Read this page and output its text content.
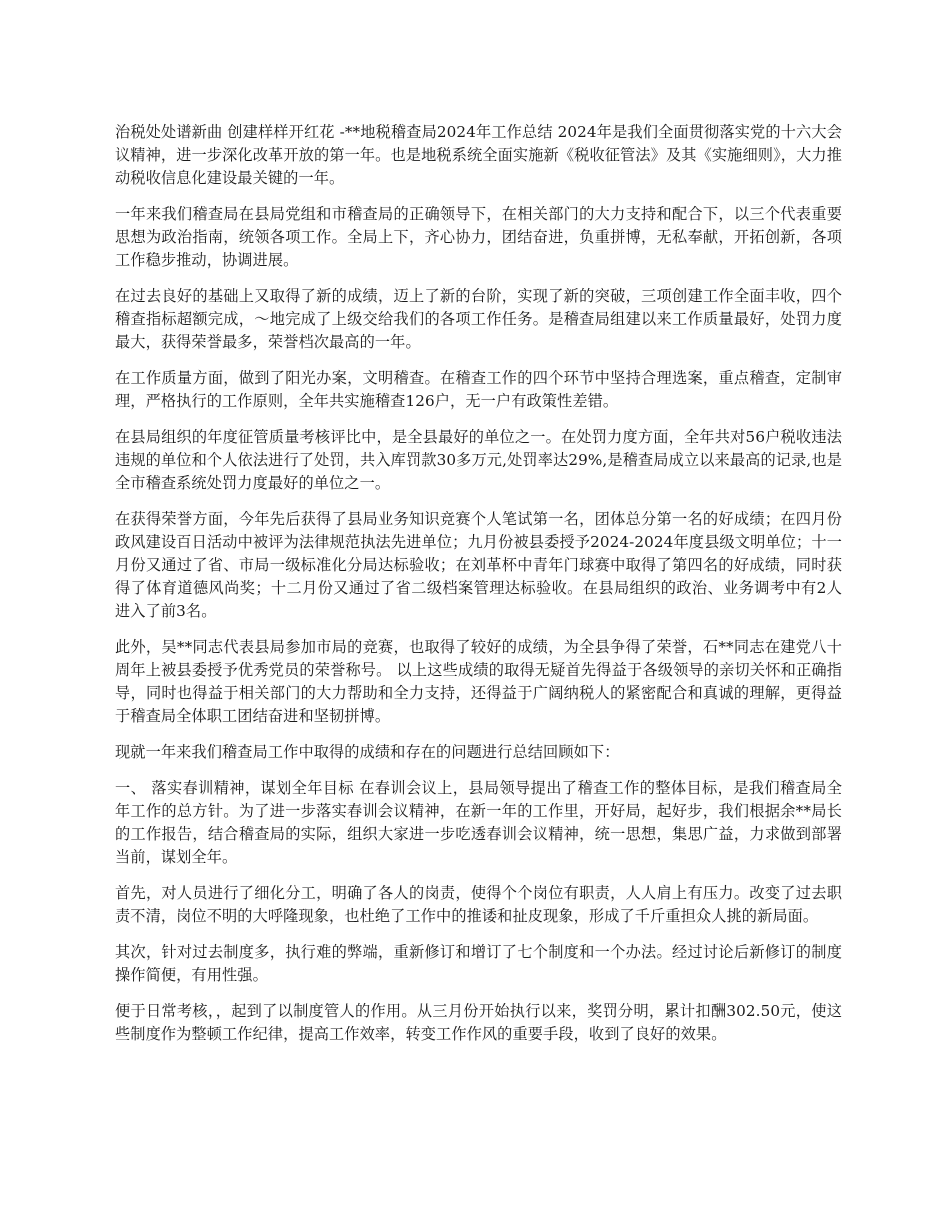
治税处处谱新曲 创建样样开红花 -**地税稽查局2024年工作总结 2024年是我们全面贯彻落实党的十六大会议精神，进一步深化改革开放的第一年。也是地税系统全面实施新《税收征管法》及其《实施细则》，大力推动税收信息化建设最关键的一年。

一年来我们稽查局在县局党组和市稽查局的正确领导下，在相关部门的大力支持和配合下，以三个代表重要思想为政治指南，统领各项工作。全局上下，齐心协力，团结奋进，负重拼博，无私奉献，开拓创新，各项工作稳步推动，协调进展。

在过去良好的基础上又取得了新的成绩，迈上了新的台阶，实现了新的突破，三项创建工作全面丰收，四个稽查指标超额完成，～地完成了上级交给我们的各项工作任务。是稽查局组建以来工作质量最好，处罚力度最大，获得荣誉最多，荣誉档次最高的一年。

在工作质量方面，做到了阳光办案，文明稽查。在稽查工作的四个环节中坚持合理选案，重点稽查，定制审理，严格执行的工作原则，全年共实施稽查126户，无一户有政策性差错。

在县局组织的年度征管质量考核评比中，是全县最好的单位之一。在处罚力度方面，全年共对56户税收违法违规的单位和个人依法进行了处罚，共入库罚款30多万元,处罚率达29%,是稽查局成立以来最高的记录,也是全市稽查系统处罚力度最好的单位之一。

在获得荣誉方面，今年先后获得了县局业务知识竞赛个人笔试第一名，团体总分第一名的好成绩；在四月份政风建设百日活动中被评为法律规范执法先进单位；九月份被县委授予2024-2024年度县级文明单位；十一月份又通过了省、市局一级标准化分局达标验收；在刘革杯中青年门球赛中取得了第四名的好成绩，同时获得了体育道德风尚奖；十二月份又通过了省二级档案管理达标验收。在县局组织的政治、业务调考中有2人进入了前3名。

此外，吴**同志代表县局参加市局的竞赛，也取得了较好的成绩，为全县争得了荣誉，石**同志在建党八十周年上被县委授予优秀党员的荣誉称号。 以上这些成绩的取得无疑首先得益于各级领导的亲切关怀和正确指导，同时也得益于相关部门的大力帮助和全力支持，还得益于广阔纳税人的紧密配合和真诚的理解，更得益于稽查局全体职工团结奋进和坚韧拼博。

现就一年来我们稽查局工作中取得的成绩和存在的问题进行总结回顾如下：

一、 落实春训精神，谋划全年目标 在春训会议上，县局领导提出了稽查工作的整体目标，是我们稽查局全年工作的总方针。为了进一步落实春训会议精神，在新一年的工作里，开好局，起好步，我们根据余**局长的工作报告，结合稽查局的实际，组织大家进一步吃透春训会议精神，统一思想，集思广益，力求做到部署当前，谋划全年。

首先，对人员进行了细化分工，明确了各人的岗责，使得个个岗位有职责，人人肩上有压力。改变了过去职责不清，岗位不明的大呼隆现象，也杜绝了工作中的推诿和扯皮现象，形成了千斤重担众人挑的新局面。

其次，针对过去制度多，执行难的弊端，重新修订和增订了七个制度和一个办法。经过讨论后新修订的制度操作简便，有用性强。

便于日常考核，，起到了以制度管人的作用。从三月份开始执行以来，奖罚分明，累计扣酬302.50元，使这些制度作为整顿工作纪律，提高工作效率，转变工作作风的重要手段，收到了良好的效果。
